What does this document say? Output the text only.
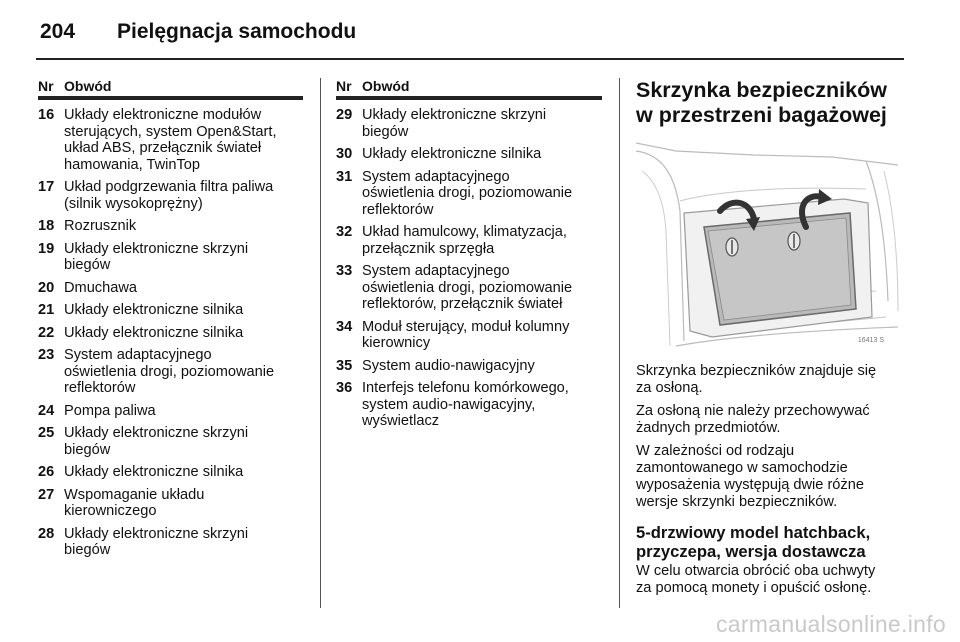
204 Pielęgnacja samochodu
Nr Obwód
16 Układy elektroniczne modułów
sterujących, system Open&Start,
układ ABS, przełącznik świateł
hamowania, TwinTop
17 Układ podgrzewania filtra paliwa
(silnik wysokoprężny)
18 Rozrusznik
19 Układy elektroniczne skrzyni
biegów
20 Dmuchawa
21 Układy elektroniczne silnika
22 Układy elektroniczne silnika
23 System adaptacyjnego
oświetlenia drogi, poziomowanie
reflektorów
24 Pompa paliwa
25 Układy elektroniczne skrzyni
biegów
26 Układy elektroniczne silnika
27 Wspomaganie układu
kierowniczego
28 Układy elektroniczne skrzyni
biegów
Nr Obwód
29 Układy elektroniczne skrzyni
biegów
30 Układy elektroniczne silnika
31 System adaptacyjnego
oświetlenia drogi, poziomowanie
reflektorów
32 Układ hamulcowy, klimatyzacja,
przełącznik sprzęgła
33 System adaptacyjnego
oświetlenia drogi, poziomowanie
reflektorów, przełącznik świateł
34 Moduł sterujący, moduł kolumny
kierownicy
35 System audio-nawigacyjny
36 Interfejs telefonu komórkowego,
system audio-nawigacyjny,
wyświetlacz
Skrzynka bezpieczników
w przestrzeni bagażowej
16413 S
Skrzynka bezpieczników znajduje się
za osłoną.
Za osłoną nie należy przechowywać
żadnych przedmiotów.
W zależności od rodzaju
zamontowanego w samochodzie
wyposażenia występują dwie różne
wersje skrzynki bezpieczników.
5-drzwiowy model hatchback,
przyczepa, wersja dostawcza
W celu otwarcia obrócić oba uchwyty
za pomocą monety i opuścić osłonę.
carmanualsonline.info
